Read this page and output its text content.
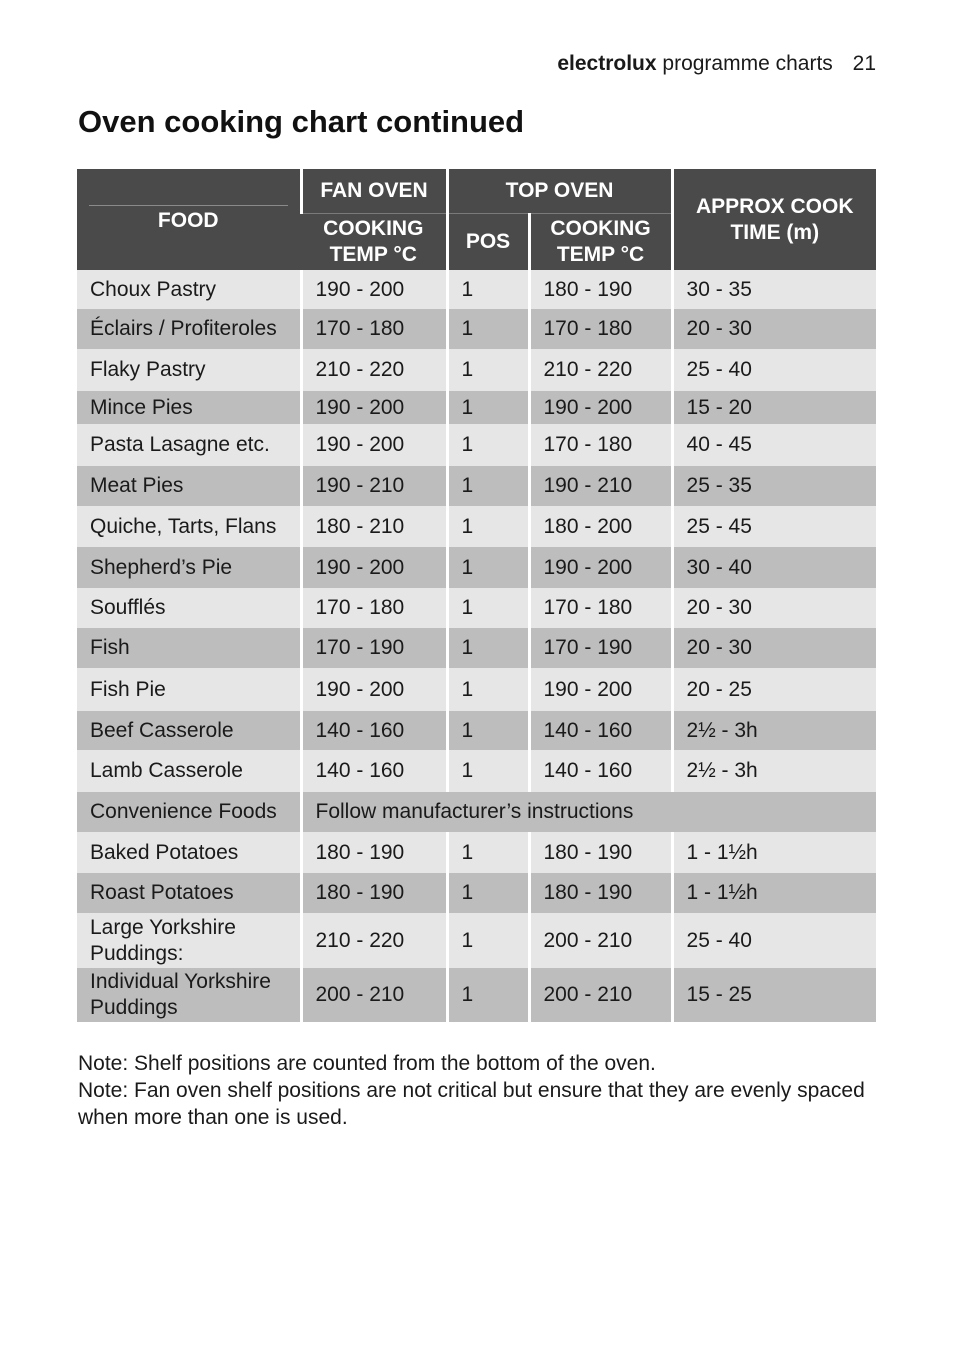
electrolux programme charts 21
Oven cooking chart continued
FOOD	FAN OVEN	TOP OVEN		APPROX COOK TIME (m)
	COOKING TEMP °C	POS	COOKING TEMP °C	
Choux Pastry	190 - 200	1	180 - 190	30 - 35
Éclairs / Profiteroles	170 - 180	1	170 - 180	20 - 30
Flaky Pastry	210 - 220	1	210 - 220	25 - 40
Mince Pies	190 - 200	1	190 - 200	15 - 20
Pasta Lasagne etc.	190 - 200	1	170 - 180	40 - 45
Meat Pies	190 - 210	1	190 - 210	25 - 35
Quiche, Tarts, Flans	180 - 210	1	180 - 200	25 - 45
Shepherd’s Pie	190 - 200	1	190 - 200	30 - 40
Soufflés	170 - 180	1	170 - 180	20 - 30
Fish	170 - 190	1	170 - 190	20 - 30
Fish Pie	190 - 200	1	190 - 200	20 - 25
Beef Casserole	140 - 160	1	140 - 160	2½ - 3h
Lamb Casserole	140 - 160	1	140 - 160	2½ - 3h
Convenience Foods	Follow manufacturer’s instructions			
Baked Potatoes	180 - 190	1	180 - 190	1 - 1½h
Roast Potatoes	180 - 190	1	180 - 190	1 - 1½h
Large Yorkshire Puddings:	210 - 220	1	200 - 210	25 - 40
Individual Yorkshire Puddings	200 - 210	1	200 - 210	15 - 25

Note: Shelf positions are counted from the bottom of the oven.

Note: Fan oven shelf positions are not critical but ensure that they are evenly spaced when more than one is used.
